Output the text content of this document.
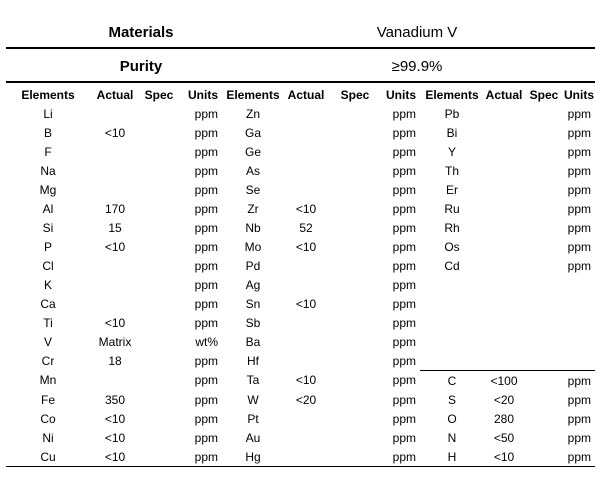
Materials	Vanadium V
Purity	≥99.9%
Elements	Actual	Spec	Units	Elements	Actual	Spec	Units	Elements	Actual	Spec	Units
Li			ppm	Zn			ppm	Pb			ppm
B	<10		ppm	Ga			ppm	Bi			ppm
F			ppm	Ge			ppm	Y			ppm
Na			ppm	As			ppm	Th			ppm
Mg			ppm	Se			ppm	Er			ppm
Al	170		ppm	Zr	<10		ppm	Ru			ppm
Si	15		ppm	Nb	52		ppm	Rh			ppm
P	<10		ppm	Mo	<10		ppm	Os			ppm
Cl			ppm	Pd			ppm	Cd			ppm
K			ppm	Ag			ppm				
Ca			ppm	Sn	<10		ppm				
Ti	<10		ppm	Sb			ppm				
V	Matrix		wt%	Ba			ppm				
Cr	18		ppm	Hf			ppm				
Mn			ppm	Ta	<10		ppm	C	<100		ppm
Fe	350		ppm	W	<20		ppm	S	<20		ppm
Co	<10		ppm	Pt			ppm	O	280		ppm
Ni	<10		ppm	Au			ppm	N	<50		ppm
Cu	<10		ppm	Hg			ppm	H	<10		ppm
